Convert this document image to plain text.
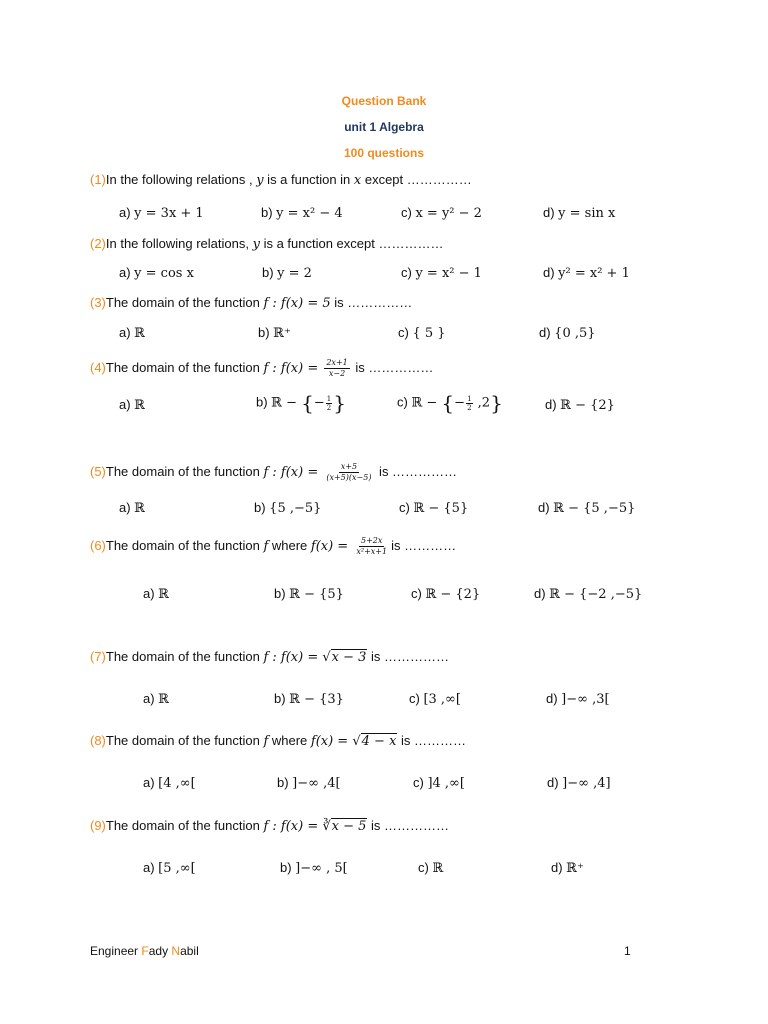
Question Bank
unit 1 Algebra
100 questions
(1)In the following relations , y is a function in x except ……………
a) y = 3x + 1	b) y = x² − 4	c) x = y² − 2	d) y = sin x
(2)In the following relations, y is a function except ……………
a) y = cos x	b) y = 2	c) y = x² − 1	d) y² = x² + 1
(3)The domain of the function f : f(x) = 5 is ……………
a) ℝ	b) ℝ⁺	c) { 5 }	d) {0 ,5}
(4)The domain of the function f : $f(x) = \frac{2x+1}{x-2}$ is ……………
a) ℝ	b) ℝ − {− $\frac{1}{2}$ }	c) ℝ − {− $\frac{1}{2} ,2$}	d) ℝ − {2}
(5)The domain of the function f : $f(x) = \frac{x+5}{(x+5)(x-5)}$ is ……………
a) ℝ	b) {5 ,−5}	c) ℝ − {5}	d) ℝ − {5 ,−5}
(6)The domain of the function f where $f(x) = \frac{5+2x}{\text{x²+x+1}}$ is …………
a) ℝ	b) ℝ − {5}	c) ℝ − {2}	d) ℝ − {−2 ,−5}
(7)The domain of the function f : f(x) = √x − 3 is ……………
a) ℝ	b) ℝ − {3}	c) [3 ,∞[	d) ]−∞ ,3[
(8)The domain of the function f where f(x) = √4 − x is …………
a) [4 ,∞[	b) ]−∞ ,4[	c) ]4 ,∞[	d) ]−∞ ,4]
(9)The domain of the function f : f(x) = ∛x − 5 is ……………
a) [5 ,∞[	b) ]−∞ , 5[	c) ℝ	d) ℝ⁺
Engineer Fady Nabil	1
